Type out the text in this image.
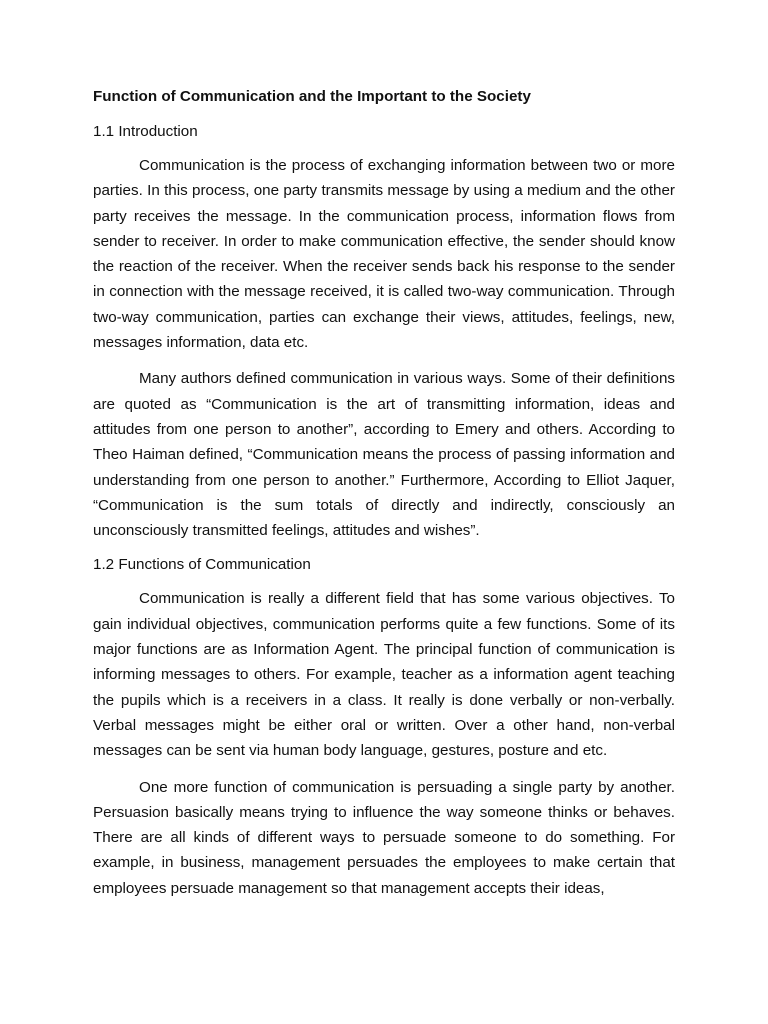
Function of Communication and the Important to the Society
1.1 Introduction

Communication is the process of exchanging information between two or more parties. In this process, one party transmits message by using a medium and the other party receives the message. In the communication process, information flows from sender to receiver. In order to make communication effective, the sender should know the reaction of the receiver. When the receiver sends back his response to the sender in connection with the message received, it is called two-way communication. Through two-way communication, parties can exchange their views, attitudes, feelings, new, messages information, data etc.

Many authors defined communication in various ways. Some of their definitions are quoted as “Communication is the art of transmitting information, ideas and attitudes from one person to another”, according to Emery and others. According to Theo Haiman defined, “Communication means the process of passing information and understanding from one person to another.” Furthermore, According to Elliot Jaquer, “Communication is the sum totals of directly and indirectly, consciously an unconsciously transmitted feelings, attitudes and wishes”.

1.2 Functions of Communication

Communication is really a different field that has some various objectives. To gain individual objectives, communication performs quite a few functions. Some of its major functions are as Information Agent. The principal function of communication is informing messages to others. For example, teacher as a information agent teaching the pupils which is a receivers in a class. It really is done verbally or non-verbally. Verbal messages might be either oral or written. Over a other hand, non-verbal messages can be sent via human body language, gestures, posture and etc.

One more function of communication is persuading a single party by another. Persuasion basically means trying to influence the way someone thinks or behaves. There are all kinds of different ways to persuade someone to do something. For example, in business, management persuades the employees to make certain that employees persuade management so that management accepts their ideas,
